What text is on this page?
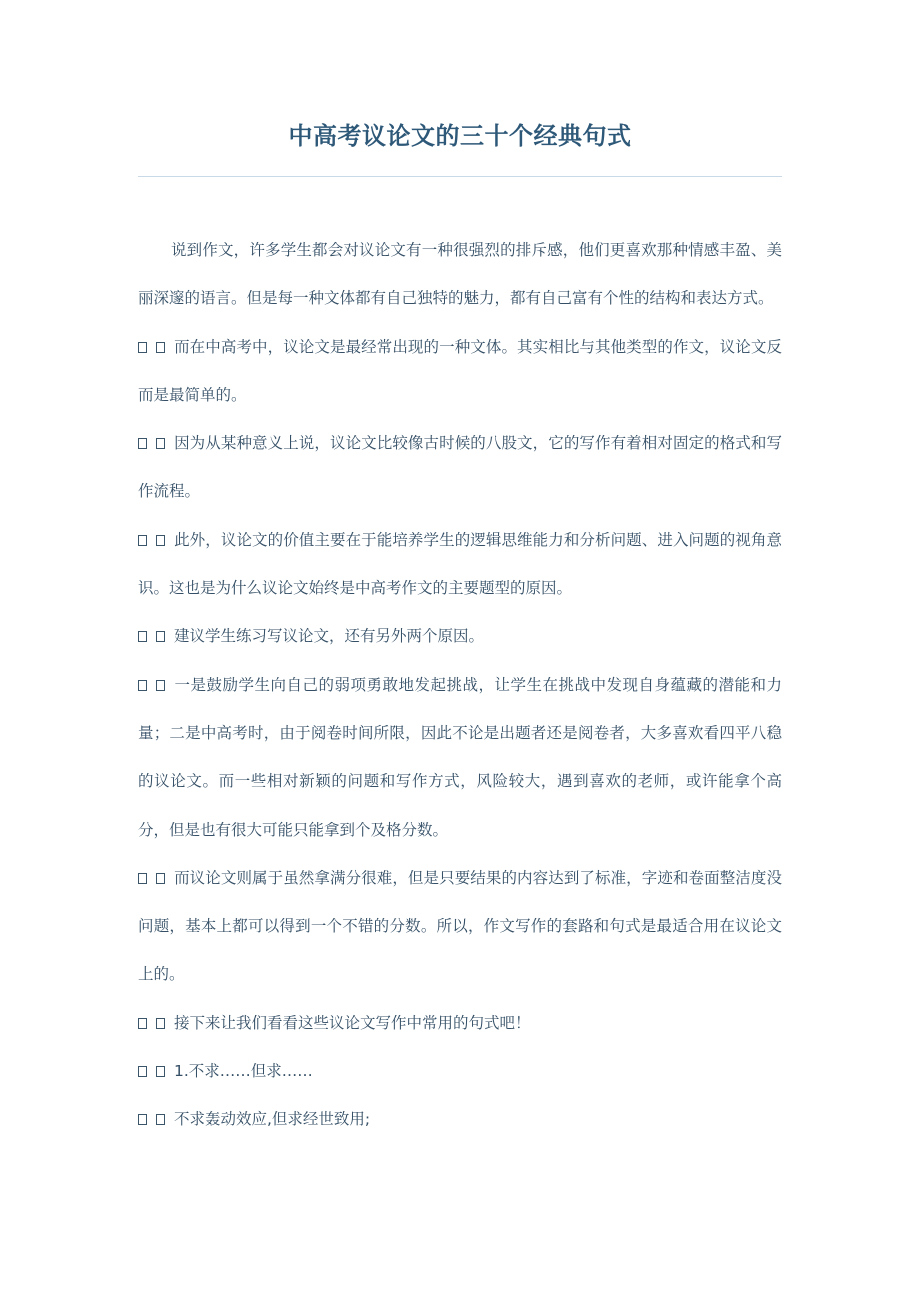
中高考议论文的三十个经典句式

说到作文，许多学生都会对议论文有一种很强烈的排斥感，他们更喜欢那种情感丰盈、美丽深邃的语言。但是每一种文体都有自己独特的魅力，都有自己富有个性的结构和表达方式。

而在中高考中，议论文是最经常出现的一种文体。其实相比与其他类型的作文，议论文反而是最简单的。

因为从某种意义上说，议论文比较像古时候的八股文，它的写作有着相对固定的格式和写作流程。

此外，议论文的价值主要在于能培养学生的逻辑思维能力和分析问题、进入问题的视角意识。这也是为什么议论文始终是中高考作文的主要题型的原因。

建议学生练习写议论文，还有另外两个原因。

一是鼓励学生向自己的弱项勇敢地发起挑战，让学生在挑战中发现自身蕴藏的潜能和力量；二是中高考时，由于阅卷时间所限，因此不论是出题者还是阅卷者，大多喜欢看四平八稳的议论文。而一些相对新颖的问题和写作方式，风险较大，遇到喜欢的老师，或许能拿个高分，但是也有很大可能只能拿到个及格分数。

而议论文则属于虽然拿满分很难，但是只要结果的内容达到了标准，字迹和卷面整洁度没问题，基本上都可以得到一个不错的分数。所以，作文写作的套路和句式是最适合用在议论文上的。

接下来让我们看看这些议论文写作中常用的句式吧！

1.不求……但求……

不求轰动效应,但求经世致用;
